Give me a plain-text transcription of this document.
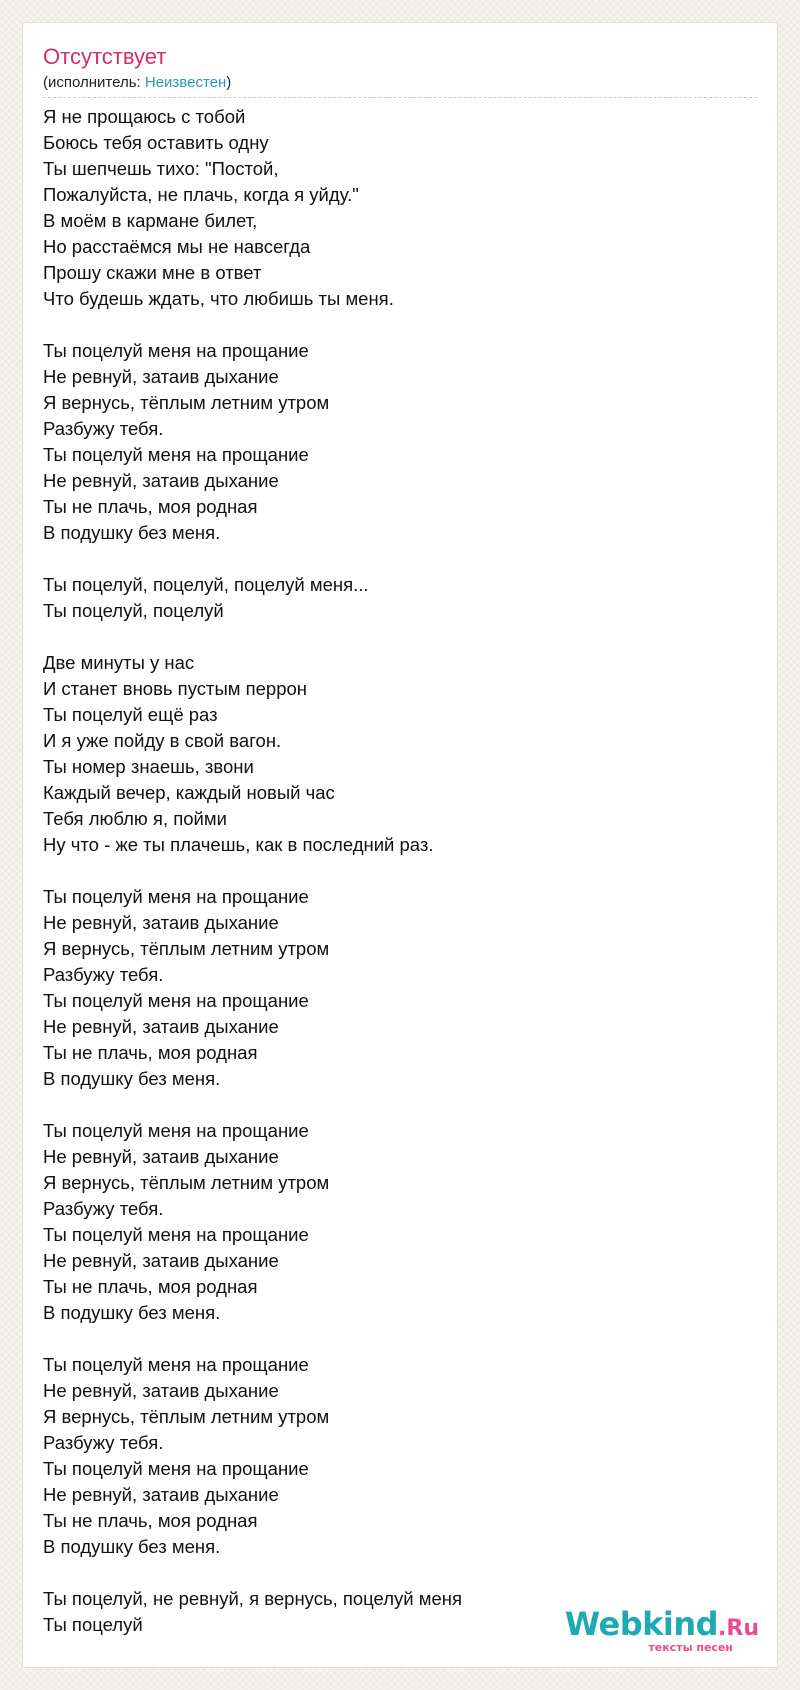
Отсутствует
(исполнитель: Неизвестен)
Я не прощаюсь с тобой
Боюсь тебя оставить одну
Ты шепчешь тихо: "Постой,
Пожалуйста, не плачь, когда я уйду."
В моём в кармане билет,
Но расстаёмся мы не навсегда
Прошу скажи мне в ответ
Что будешь ждать, что любишь ты меня.
Ты поцелуй меня на прощание
Не ревнуй, затаив дыхание
Я вернусь, тёплым летним утром
Разбужу тебя.
Ты поцелуй меня на прощание
Не ревнуй, затаив дыхание
Ты не плачь, моя родная
В подушку без меня.
Ты поцелуй, поцелуй, поцелуй меня...
Ты поцелуй, поцелуй
Две минуты у нас
И станет вновь пустым перрон
Ты поцелуй ещё раз
И я уже пойду в свой вагон.
Ты номер знаешь, звони
Каждый вечер, каждый новый час
Тебя люблю я, пойми
Ну что - же ты плачешь, как в последний раз.
Ты поцелуй меня на прощание
Не ревнуй, затаив дыхание
Я вернусь, тёплым летним утром
Разбужу тебя.
Ты поцелуй меня на прощание
Не ревнуй, затаив дыхание
Ты не плачь, моя родная
В подушку без меня.
Ты поцелуй меня на прощание
Не ревнуй, затаив дыхание
Я вернусь, тёплым летним утром
Разбужу тебя.
Ты поцелуй меня на прощание
Не ревнуй, затаив дыхание
Ты не плачь, моя родная
В подушку без меня.
Ты поцелуй меня на прощание
Не ревнуй, затаив дыхание
Я вернусь, тёплым летним утром
Разбужу тебя.
Ты поцелуй меня на прощание
Не ревнуй, затаив дыхание
Ты не плачь, моя родная
В подушку без меня.
Ты поцелуй, не ревнуй, я вернусь, поцелуй меня
Ты поцелуй	Webkind.Ru
тексты песен
